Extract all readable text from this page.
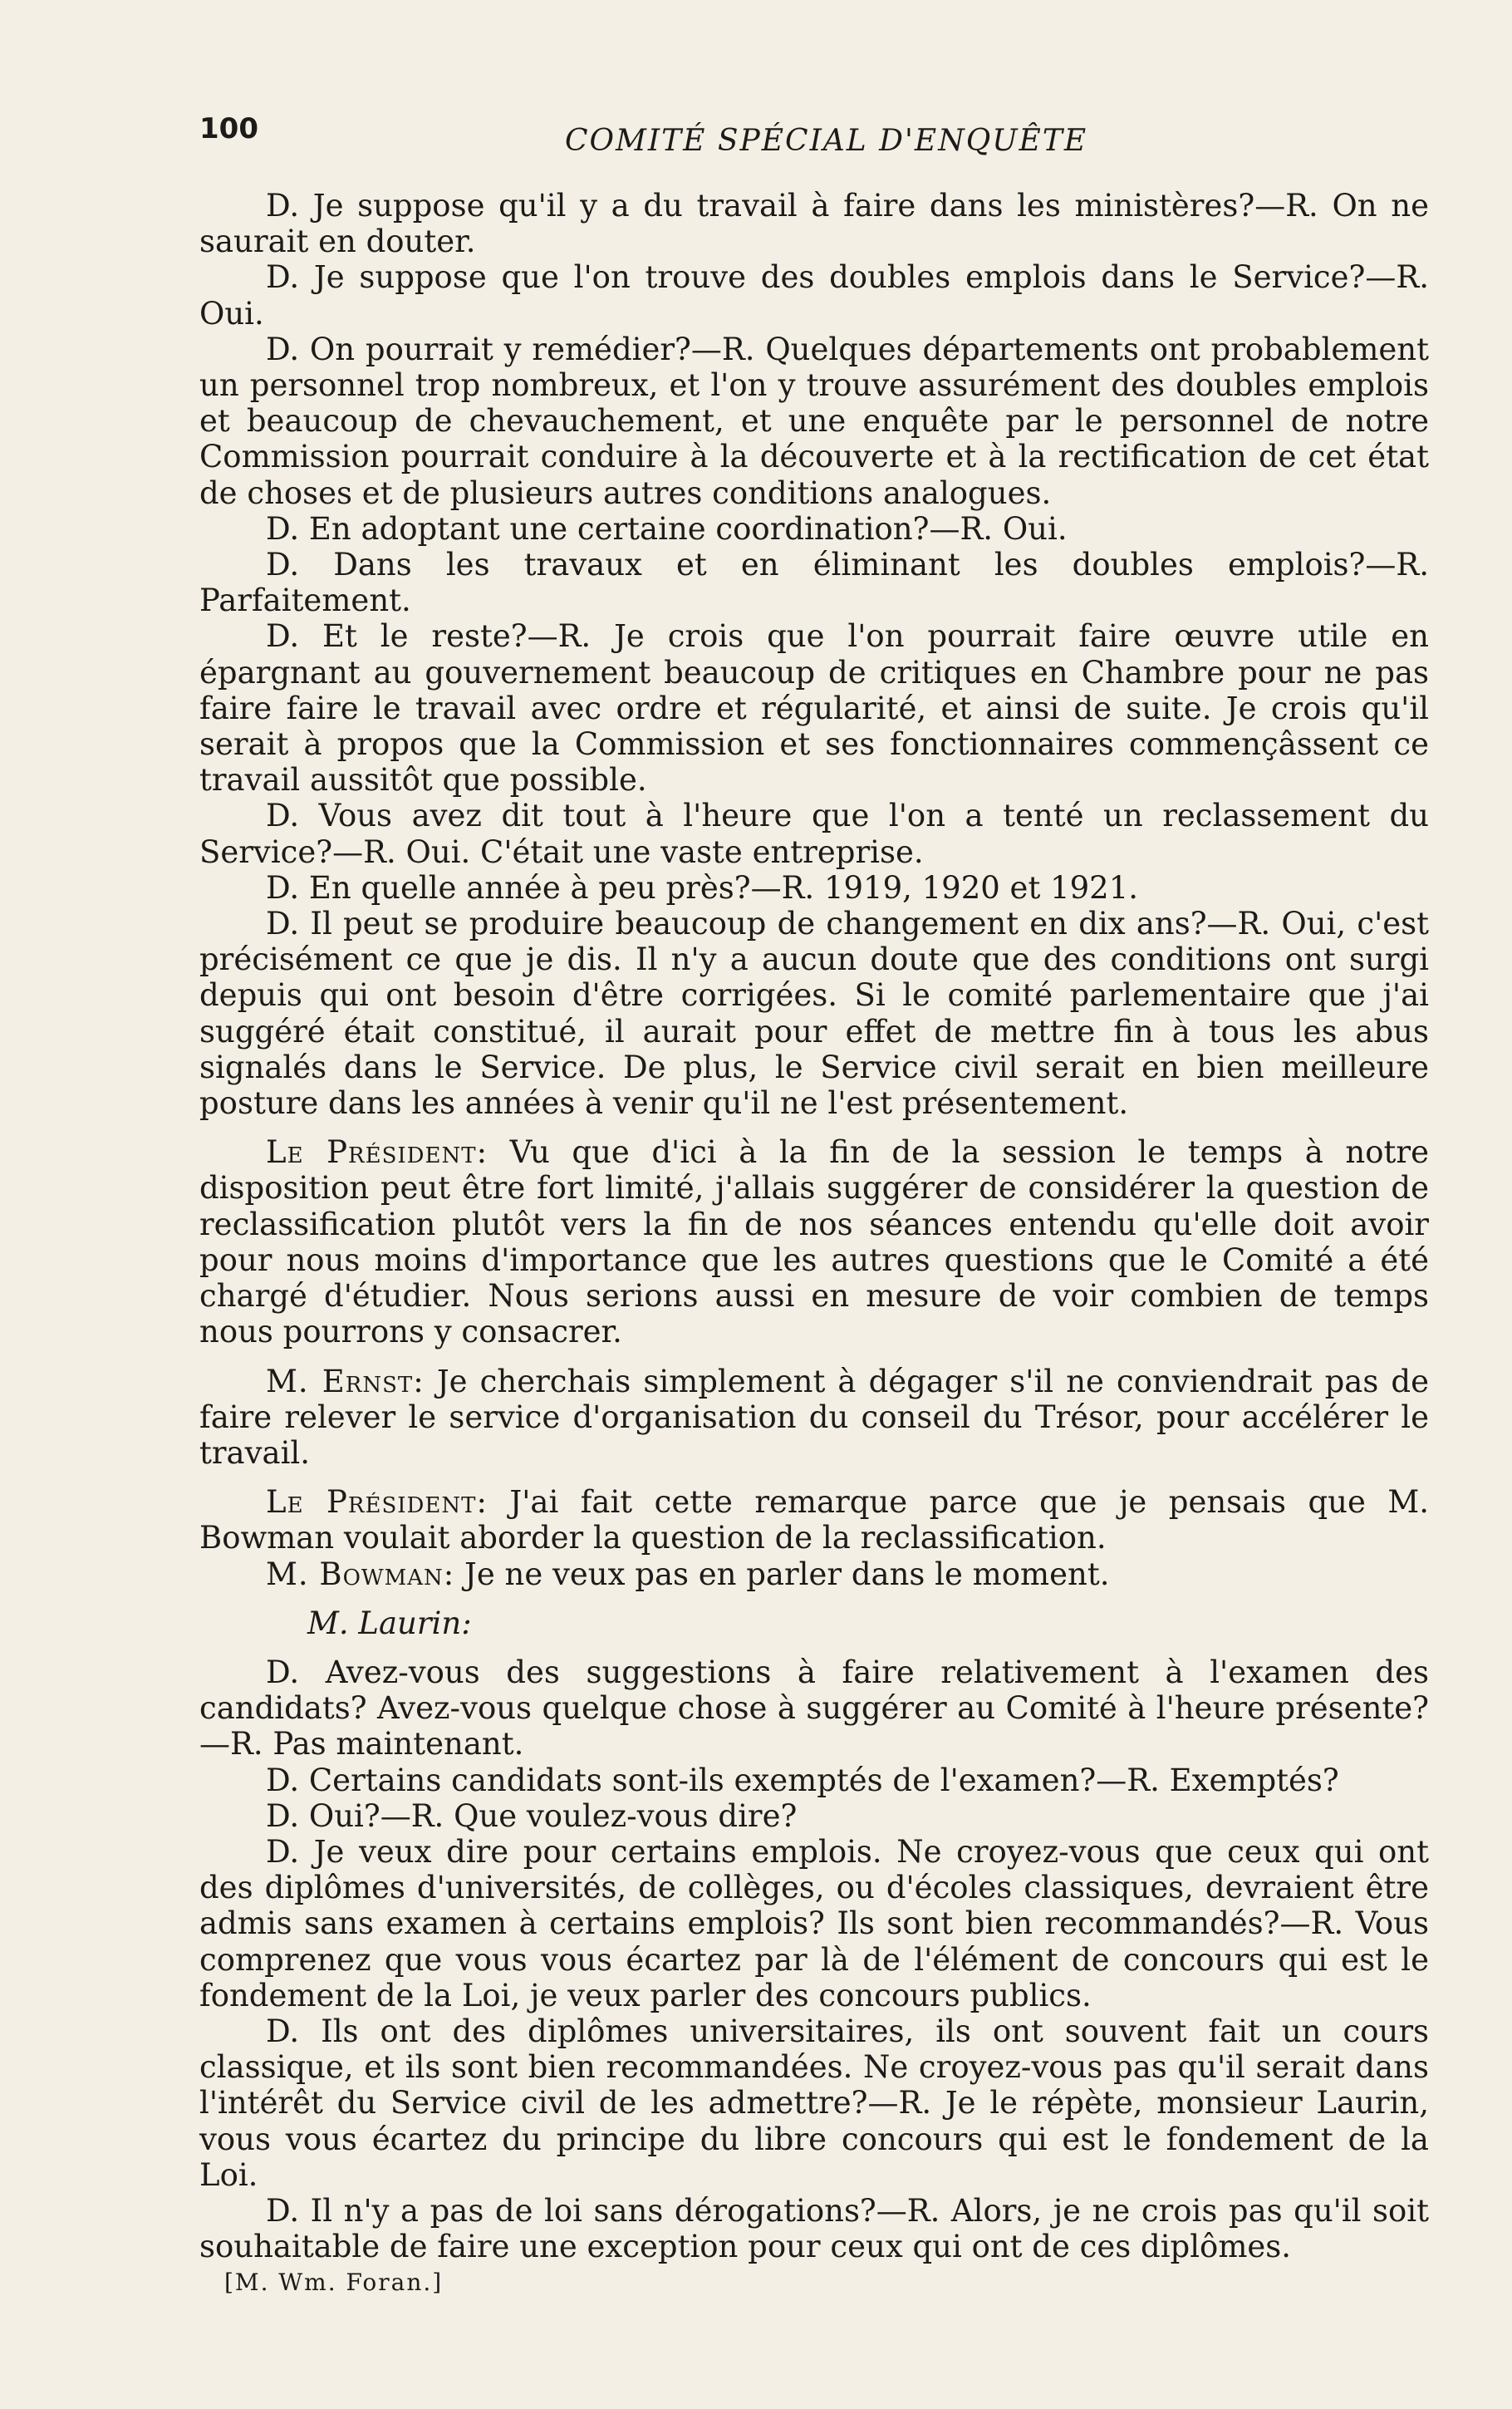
100	COMITÉ SPÉCIAL D'ENQUÊTE

D. Je suppose qu'il y a du travail à faire dans les ministères?—R. On ne saurait en douter.

D. Je suppose que l'on trouve des doubles emplois dans le Service?—R. Oui.

D. On pourrait y remédier?—R. Quelques départements ont probablement un personnel trop nombreux, et l'on y trouve assurément des doubles emplois et beaucoup de chevauchement, et une enquête par le personnel de notre Commission pourrait conduire à la découverte et à la rectification de cet état de choses et de plusieurs autres conditions analogues.

D. En adoptant une certaine coordination?—R. Oui.

D. Dans les travaux et en éliminant les doubles emplois?—R. Parfaitement.

D. Et le reste?—R. Je crois que l'on pourrait faire œuvre utile en épargnant au gouvernement beaucoup de critiques en Chambre pour ne pas faire faire le travail avec ordre et régularité, et ainsi de suite. Je crois qu'il serait à propos que la Commission et ses fonctionnaires commençâssent ce travail aussitôt que possible.

D. Vous avez dit tout à l'heure que l'on a tenté un reclassement du Service?—R. Oui. C'était une vaste entreprise.

D. En quelle année à peu près?—R. 1919, 1920 et 1921.

D. Il peut se produire beaucoup de changement en dix ans?—R. Oui, c'est précisément ce que je dis. Il n'y a aucun doute que des conditions ont surgi depuis qui ont besoin d'être corrigées. Si le comité parlementaire que j'ai suggéré était constitué, il aurait pour effet de mettre fin à tous les abus signalés dans le Service. De plus, le Service civil serait en bien meilleure posture dans les années à venir qu'il ne l'est présentement.

Le Président: Vu que d'ici à la fin de la session le temps à notre disposition peut être fort limité, j'allais suggérer de considérer la question de reclassification plutôt vers la fin de nos séances entendu qu'elle doit avoir pour nous moins d'importance que les autres questions que le Comité a été chargé d'étudier. Nous serions aussi en mesure de voir combien de temps nous pourrons y consacrer.

M. Ernst: Je cherchais simplement à dégager s'il ne conviendrait pas de faire relever le service d'organisation du conseil du Trésor, pour accélérer le travail.

Le Président: J'ai fait cette remarque parce que je pensais que M. Bowman voulait aborder la question de la reclassification.

M. Bowman: Je ne veux pas en parler dans le moment.

M. Laurin:

D. Avez-vous des suggestions à faire relativement à l'examen des candidats? Avez-vous quelque chose à suggérer au Comité à l'heure présente?—R. Pas maintenant.

D. Certains candidats sont-ils exemptés de l'examen?—R. Exemptés?

D. Oui?—R. Que voulez-vous dire?

D. Je veux dire pour certains emplois. Ne croyez-vous que ceux qui ont des diplômes d'universités, de collèges, ou d'écoles classiques, devraient être admis sans examen à certains emplois? Ils sont bien recommandés?—R. Vous comprenez que vous vous écartez par là de l'élément de concours qui est le fondement de la Loi, je veux parler des concours publics.

D. Ils ont des diplômes universitaires, ils ont souvent fait un cours classique, et ils sont bien recommandées. Ne croyez-vous pas qu'il serait dans l'intérêt du Service civil de les admettre?—R. Je le répète, monsieur Laurin, vous vous écartez du principe du libre concours qui est le fondement de la Loi.

D. Il n'y a pas de loi sans dérogations?—R. Alors, je ne crois pas qu'il soit souhaitable de faire une exception pour ceux qui ont de ces diplômes.

[M. Wm. Foran.]
